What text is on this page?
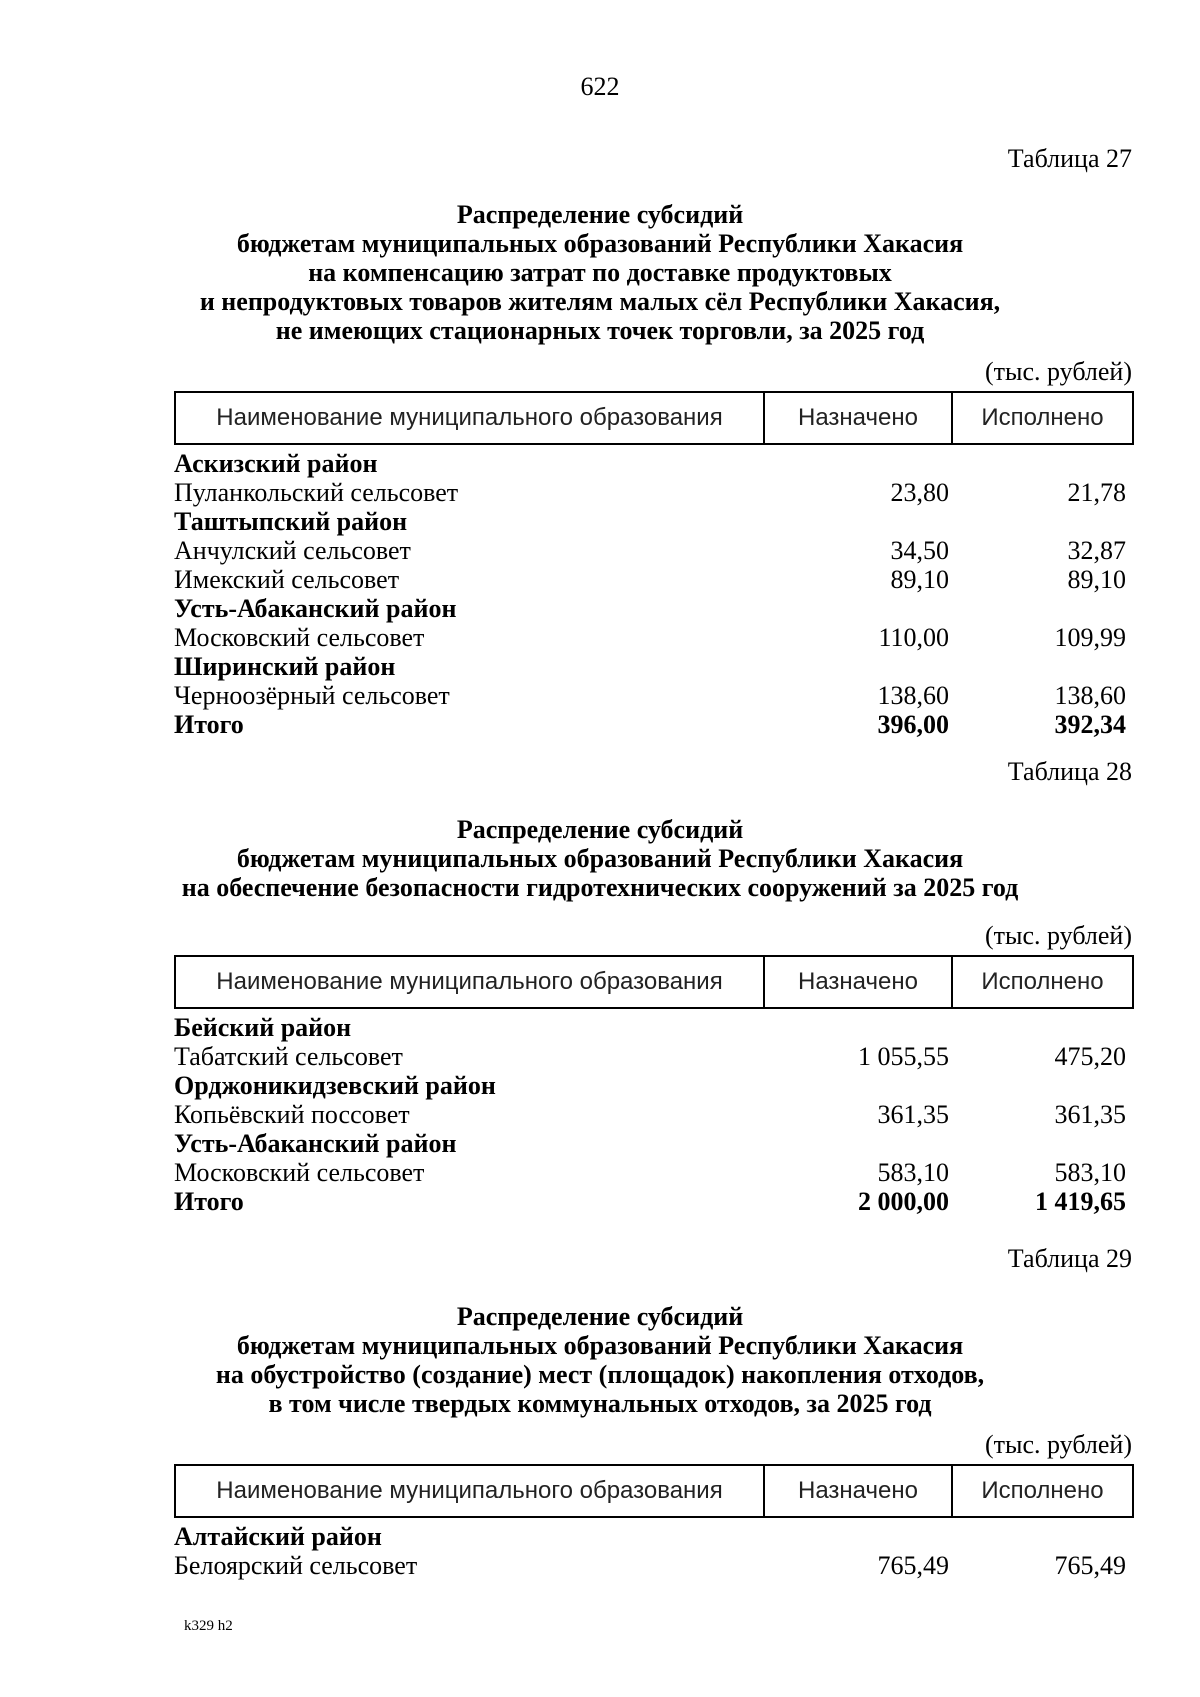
622
Таблица 27
Распределение субсидий
бюджетам муниципальных образований Республики Хакасия
на компенсацию затрат по доставке продуктовых
и непродуктовых товаров жителям малых сёл Республики Хакасия,
не имеющих стационарных точек торговли, за 2025 год
(тыс. рублей)
Наименование муниципального образования	Назначено	Исполнено
Аскизский район
Пуланкольский сельсовет	23,80	21,78
Таштыпский район
Анчулский сельсовет	34,50	32,87
Имекский сельсовет	89,10	89,10
Усть-Абаканский район
Московский сельсовет	110,00	109,99
Ширинский район
Черноозёрный сельсовет	138,60	138,60
Итого	396,00	392,34
Таблица 28
Распределение субсидий
бюджетам муниципальных образований Республики Хакасия
на обеспечение безопасности гидротехнических сооружений за 2025 год
(тыс. рублей)
Наименование муниципального образования	Назначено	Исполнено
Бейский район
Табатский сельсовет	1 055,55	475,20
Орджоникидзевский район
Копьёвский поссовет	361,35	361,35
Усть-Абаканский район
Московский сельсовет	583,10	583,10
Итого	2 000,00	1 419,65
Таблица 29
Распределение субсидий
бюджетам муниципальных образований Республики Хакасия
на обустройство (создание) мест (площадок) накопления отходов,
в том числе твердых коммунальных отходов, за 2025 год
(тыс. рублей)
Наименование муниципального образования	Назначено	Исполнено
Алтайский район
Белоярский сельсовет	765,49	765,49
k329 h2
